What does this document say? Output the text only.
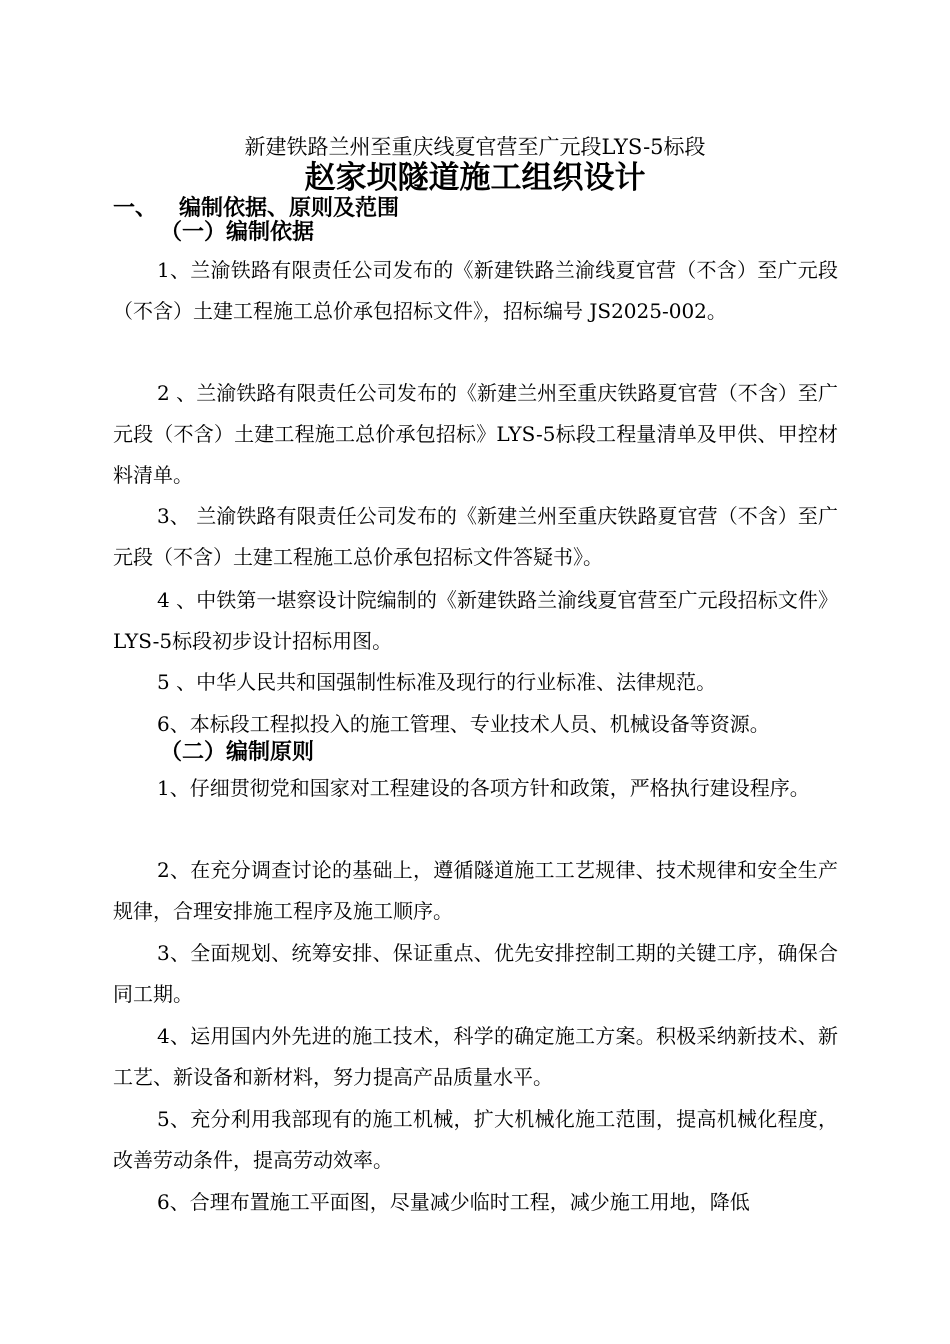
新建铁路兰州至重庆线夏官营至广元段LYS-5标段
赵家坝隧道施工组织设计
一、 编制依据、原则及范围
（一）编制依据
1、兰渝铁路有限责任公司发布的《新建铁路兰渝线夏官营（不含）至广元段（不含）土建工程施工总价承包招标文件》，招标编号 JS2025-002。
2 、兰渝铁路有限责任公司发布的《新建兰州至重庆铁路夏官营（不含）至广元段（不含）土建工程施工总价承包招标》LYS-5标段工程量清单及甲供、甲控材料清单。
3、 兰渝铁路有限责任公司发布的《新建兰州至重庆铁路夏官营（不含）至广元段（不含）土建工程施工总价承包招标文件答疑书》。
4 、中铁第一堪察设计院编制的《新建铁路兰渝线夏官营至广元段招标文件》LYS-5标段初步设计招标用图。
5 、中华人民共和国强制性标准及现行的行业标准、法律规范。
6、本标段工程拟投入的施工管理、专业技术人员、机械设备等资源。
（二）编制原则
1、仔细贯彻党和国家对工程建设的各项方针和政策，严格执行建设程序。
2、在充分调查讨论的基础上，遵循隧道施工工艺规律、技术规律和安全生产规律，合理安排施工程序及施工顺序。
3、全面规划、统筹安排、保证重点、优先安排控制工期的关键工序，确保合同工期。
4、运用国内外先进的施工技术，科学的确定施工方案。积极采纳新技术、新工艺、新设备和新材料，努力提高产品质量水平。
5、充分利用我部现有的施工机械，扩大机械化施工范围，提高机械化程度，改善劳动条件，提高劳动效率。
6、合理布置施工平面图，尽量减少临时工程，减少施工用地，降低
